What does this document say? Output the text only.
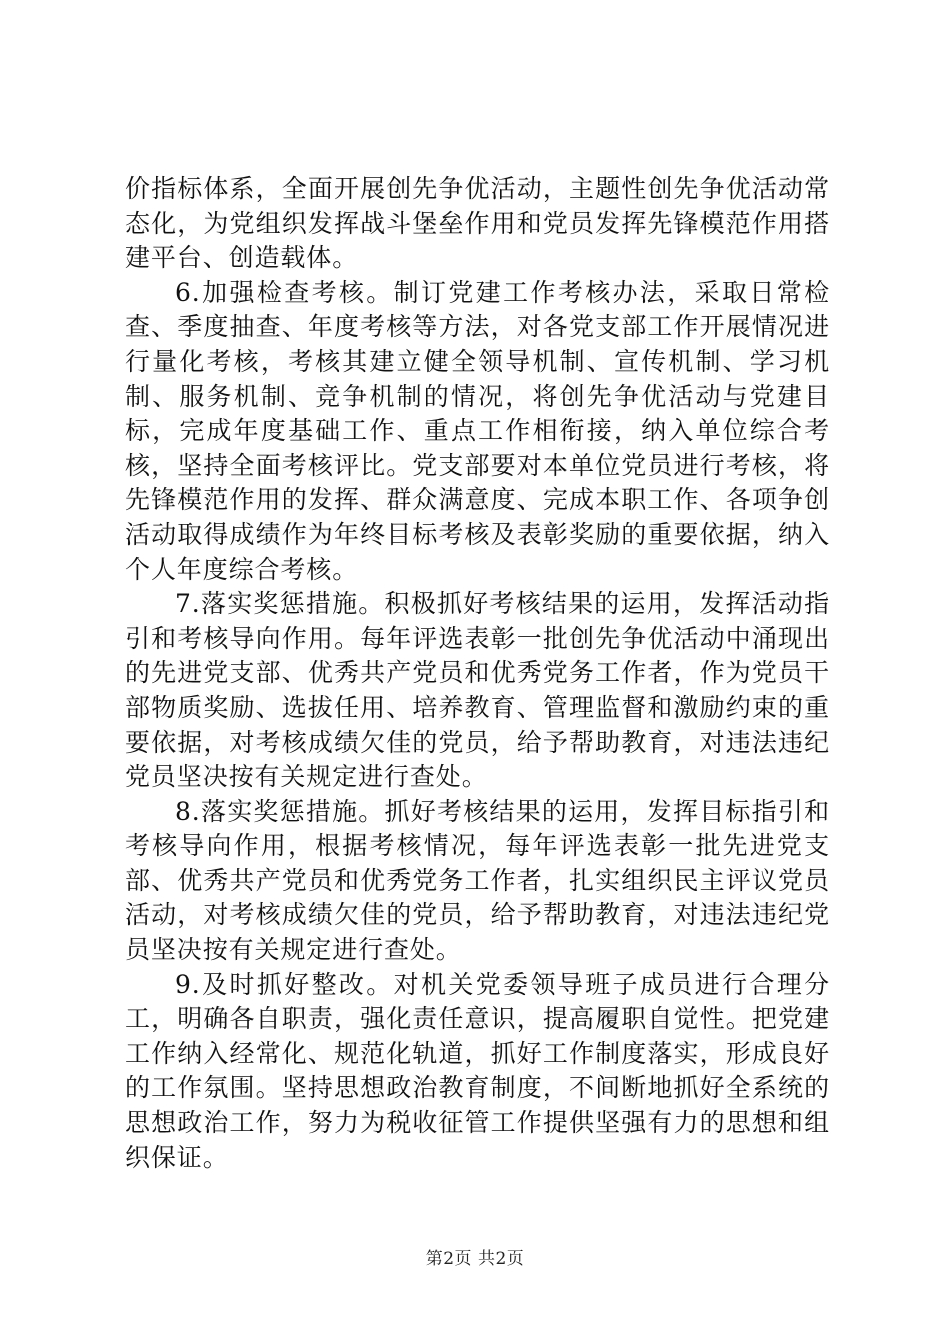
价指标体系，全面开展创先争优活动，主题性创先争优活动常态化，为党组织发挥战斗堡垒作用和党员发挥先锋模范作用搭建平台、创造载体。

6.加强检查考核。制订党建工作考核办法，采取日常检查、季度抽查、年度考核等方法，对各党支部工作开展情况进行量化考核，考核其建立健全领导机制、宣传机制、学习机制、服务机制、竞争机制的情况，将创先争优活动与党建目标，完成年度基础工作、重点工作相衔接，纳入单位综合考核，坚持全面考核评比。党支部要对本单位党员进行考核，将先锋模范作用的发挥、群众满意度、完成本职工作、各项争创活动取得成绩作为年终目标考核及表彰奖励的重要依据，纳入个人年度综合考核。

7.落实奖惩措施。积极抓好考核结果的运用，发挥活动指引和考核导向作用。每年评选表彰一批创先争优活动中涌现出的先进党支部、优秀共产党员和优秀党务工作者，作为党员干部物质奖励、选拔任用、培养教育、管理监督和激励约束的重要依据，对考核成绩欠佳的党员，给予帮助教育，对违法违纪党员坚决按有关规定进行查处。

8.落实奖惩措施。抓好考核结果的运用，发挥目标指引和考核导向作用，根据考核情况，每年评选表彰一批先进党支部、优秀共产党员和优秀党务工作者，扎实组织民主评议党员活动，对考核成绩欠佳的党员，给予帮助教育，对违法违纪党员坚决按有关规定进行查处。

9.及时抓好整改。对机关党委领导班子成员进行合理分工，明确各自职责，强化责任意识，提高履职自觉性。把党建工作纳入经常化、规范化轨道，抓好工作制度落实，形成良好的工作氛围。坚持思想政治教育制度，不间断地抓好全系统的思想政治工作，努力为税收征管工作提供坚强有力的思想和组织保证。

第2页 共2页
